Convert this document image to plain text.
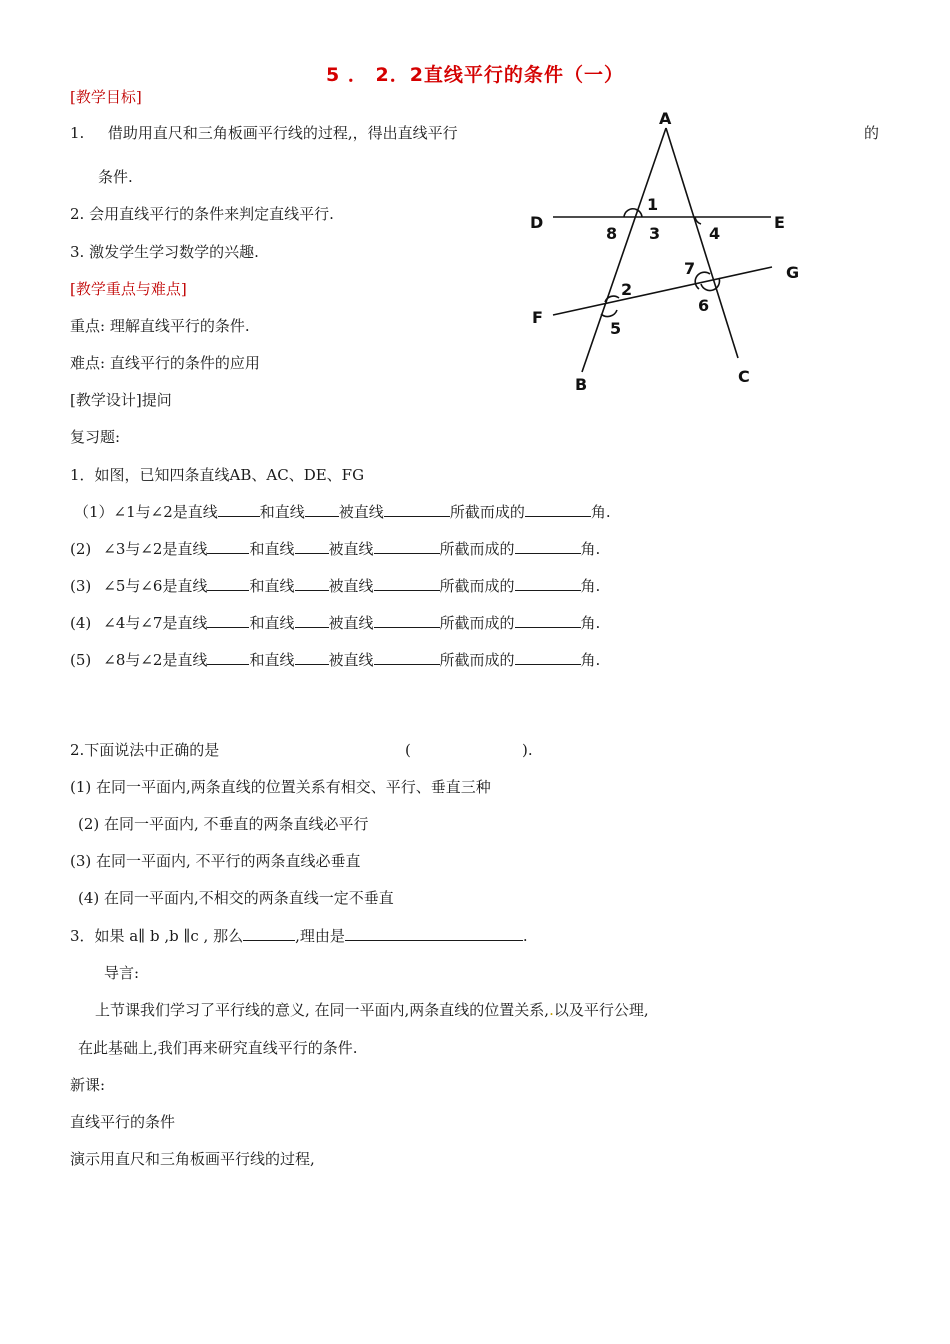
5 ． 2．2直线平行的条件（一）
[教学目标]
1. 借助用直尺和三角板画平行线的过程,，得出直线平行	的
条件.
2. 会用直线平行的条件来判定直线平行.
3. 激发学生学习数学的兴趣.
[教学重点与难点]
重点: 理解直线平行的条件.
难点: 直线平行的条件的应用
[教学设计]提问
复习题:
1．如图，已知四条直线AB、AC、DE、FG
（1）∠1与∠2是直线	和直线 被直线	所截而成的	角.
(2) ∠3与∠2是直线	和直线 被直线	所截而成的	角.
(3) ∠5与∠6是直线	和直线 被直线	所截而成的	角.
(4) ∠4与∠7是直线	和直线 被直线	所截而成的	角.
(5) ∠8与∠2是直线	和直线 被直线	所截而成的	角.
2.下面说法中正确的是	(	).
(1) 在同一平面内,两条直线的位置关系有相交、平行、垂直三种
(2) 在同一平面内, 不垂直的两条直线必平行
(3) 在同一平面内, 不平行的两条直线必垂直
(4) 在同一平面内,不相交的两条直线一定不垂直
3．如果 a∥ b ,b ∥c , 那么	,理由是	.
导言:
上节课我们学习了平行线的意义, 在同一平面内,两条直线的位置关系,.以及平行公理,
在此基础上,我们再来研究直线平行的条件.
新课:
直线平行的条件
演示用直尺和三角板画平行线的过程,
A
D	E
G
F
B	C
1
8 3	4
7
6
2
5
